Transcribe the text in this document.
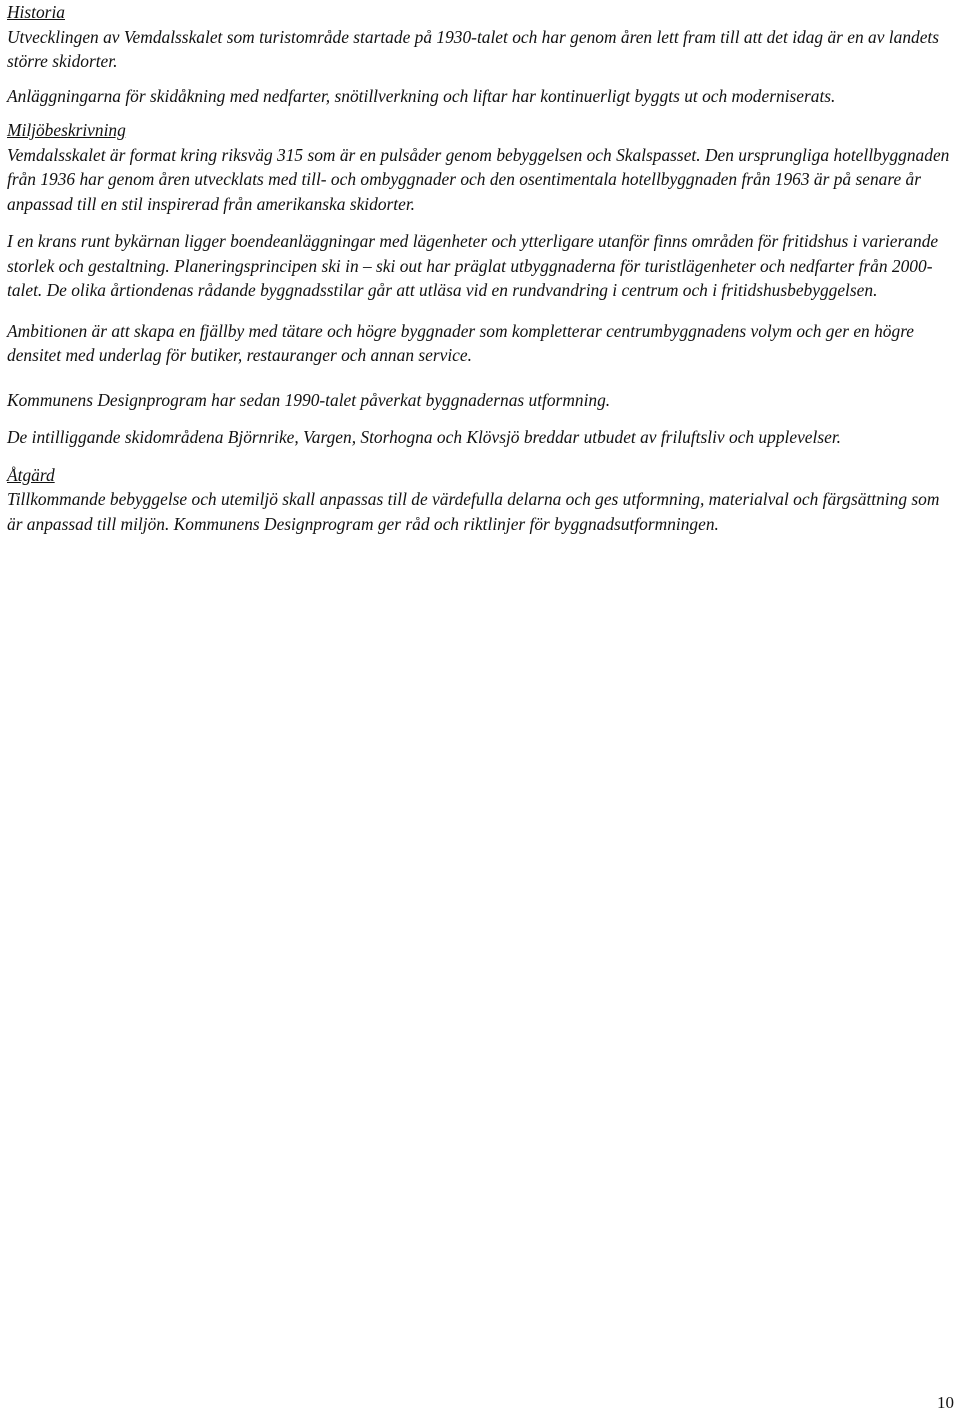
Historia

Utvecklingen av Vemdalsskalet som turistområde startade på 1930-talet och har genom åren lett fram till att det idag är en av landets större skidorter.

Anläggningarna för skidåkning med nedfarter, snötillverkning och liftar har kontinuerligt byggts ut och moderniserats.

Miljöbeskrivning

Vemdalsskalet är format kring riksväg 315 som är en pulsåder genom bebyggelsen och Skalspasset. Den ursprungliga hotellbyggnaden från 1936 har genom åren utvecklats med till- och ombyggnader och den osentimentala hotellbyggnaden från 1963 är på senare år anpassad till en stil inspirerad från amerikanska skidorter.

I en krans runt bykärnan ligger boendeanläggningar med lägenheter och ytterligare utanför finns områden för fritidshus i varierande storlek och gestaltning. Planeringsprincipen ski in – ski out har präglat utbyggnaderna för turistlägenheter och nedfarter från 2000-talet. De olika årtiondenas rådande byggnadsstilar går att utläsa vid en rundvandring i centrum och i fritidshusbebyggelsen.

Ambitionen är att skapa en fjällby med tätare och högre byggnader som kompletterar centrumbyggnadens volym och ger en högre densitet med underlag för butiker, restauranger och annan service.

Kommunens Designprogram har sedan 1990-talet påverkat byggnadernas utformning.

De intilliggande skidområdena Björnrike, Vargen, Storhogna och Klövsjö breddar utbudet av friluftsliv och upplevelser.

Åtgärd

Tillkommande bebyggelse och utemiljö skall anpassas till de värdefulla delarna och ges utformning, materialval och färgsättning som är anpassad till miljön. Kommunens Designprogram ger råd och riktlinjer för byggnadsutformningen.

10
